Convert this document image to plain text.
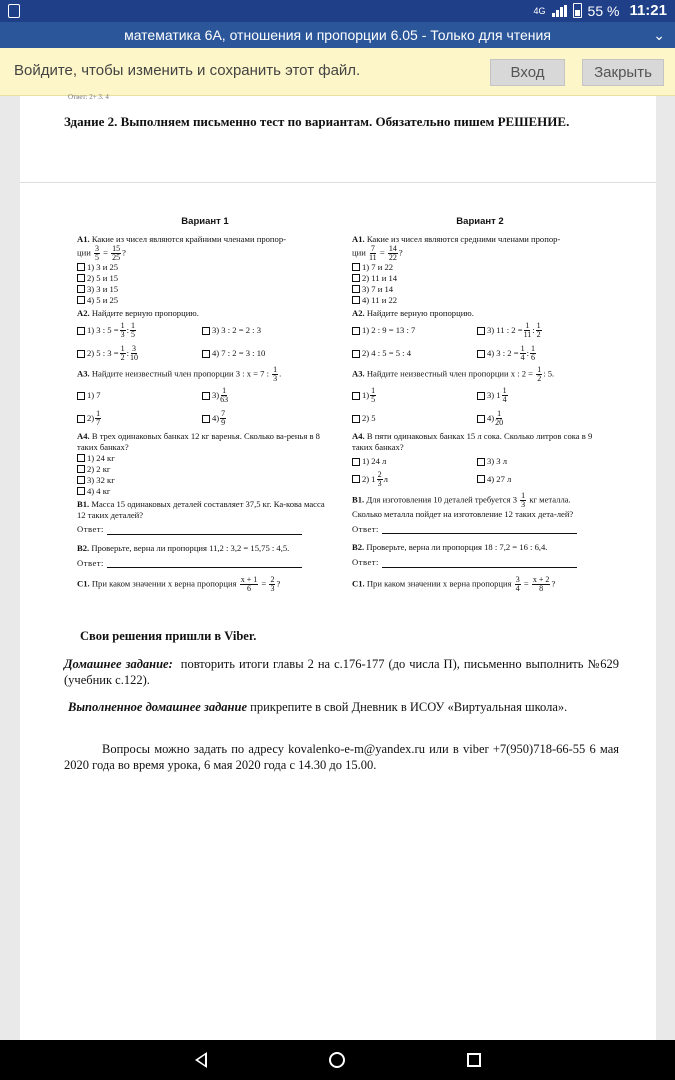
4G	55 % 11:21
математика 6А, отношения и пропорции 6.05 - Только для чтения	⌄
Войдите, чтобы изменить и сохранить этот файл.	Вход	Закрыть
Ответ: 2+ 3. 4
Здание 2. Выполняем письменно тест по вариантам. Обязательно пишем РЕШЕНИЕ.
Вариант 1
А1. Какие из чисел являются крайними членами пропор-
ции $\frac{3}{5} = \frac{15}{25}$ ?
1) 3 и 25
2) 5 и 15
3) 3 и 15
4) 5 и 25
А2. Найдите верную пропорцию.
1) 3 : $5 = \frac{1}{3}$ : $\frac{1}{5}$	3) 3 : 2 = 2 : 3
2) 5 : $3 = \frac{1}{2}$ : $\frac{3}{10}$	4) 7 : 2 = 3 : 10
А3. Найдите неизвестный член пропорции 3 : x = 7 : $\frac{1}{3}$ .
1) 7	$3) \frac{1}{63}$
$2) \frac{1}{7}$	$4) \frac{7}{9}$
А4. В трех одинаковых банках 12 кг варенья. Сколько ва-ренья в 8 таких банках?
1) 24 кг
2) 2 кг
3) 32 кг
4) 4 кг
В1. Масса 15 одинаковых деталей составляет 37,5 кг. Ка-кова масса 12 таких деталей?
Ответ:
В2. Проверьте, верна ли пропорция 11,2 : 3,2 = 15,75 : 4,5.
Ответ:
С1. При каком значении x верна пропорция $\frac{x + 1}{6} = \frac{2}{3}$ ?
Вариант 2
А1. Какие из чисел являются средними членами пропор-
ции $\frac{7}{11} = \frac{14}{22}$ ?
1) 7 и 22
2) 11 и 14
3) 7 и 14
4) 11 и 22
А2. Найдите верную пропорцию.
1) 2 : 9 = 13 : 7	3) 11 : $2 = \frac{1}{11}$ : $\frac{1}{2}$
2) 4 : 5 = 5 : 4	4) 3 : $2 = \frac{1}{4}$ : $\frac{1}{6}$
А3. Найдите неизвестный член пропорции x : $2 = \frac{1}{2}$ : 5.
$1) \frac{1}{5}$	3) $1 \frac{1}{4}$
2) 5	$4) \frac{1}{20}$
А4. В пяти одинаковых банках 15 л сока. Сколько литров сока в 9 таких банках?
1) 24 л	3) 3 л
2) $1 \frac{2}{3}$ л	4) 27 л
В1. Для изготовления 10 деталей требуется $3 \frac{1}{3}$ кг металла.
Сколько металла пойдет на изготовление 12 таких дета-лей?
Ответ:
В2. Проверьте, верна ли пропорция 18 : 7,2 = 16 : 6,4.
Ответ:
С1. При каком значении x верна пропорция $\frac{3}{4} = \frac{x + 2}{8}$ ?
Свои решения пришли в Viber.
Домашнее задание: повторить итоги главы 2 на с.176-177 (до числа П), письменно выполнить №629 (учебник с.122).
Выполненное домашнее задание прикрепите в свой Дневник в ИСОУ «Виртуальная школа».
Вопросы можно задать по адресу kovalenko-e-m@yandex.ru или в viber +7(950)718-66-55 6 мая 2020 года во время урока, 6 мая 2020 года с 14.30 до 15.00.
